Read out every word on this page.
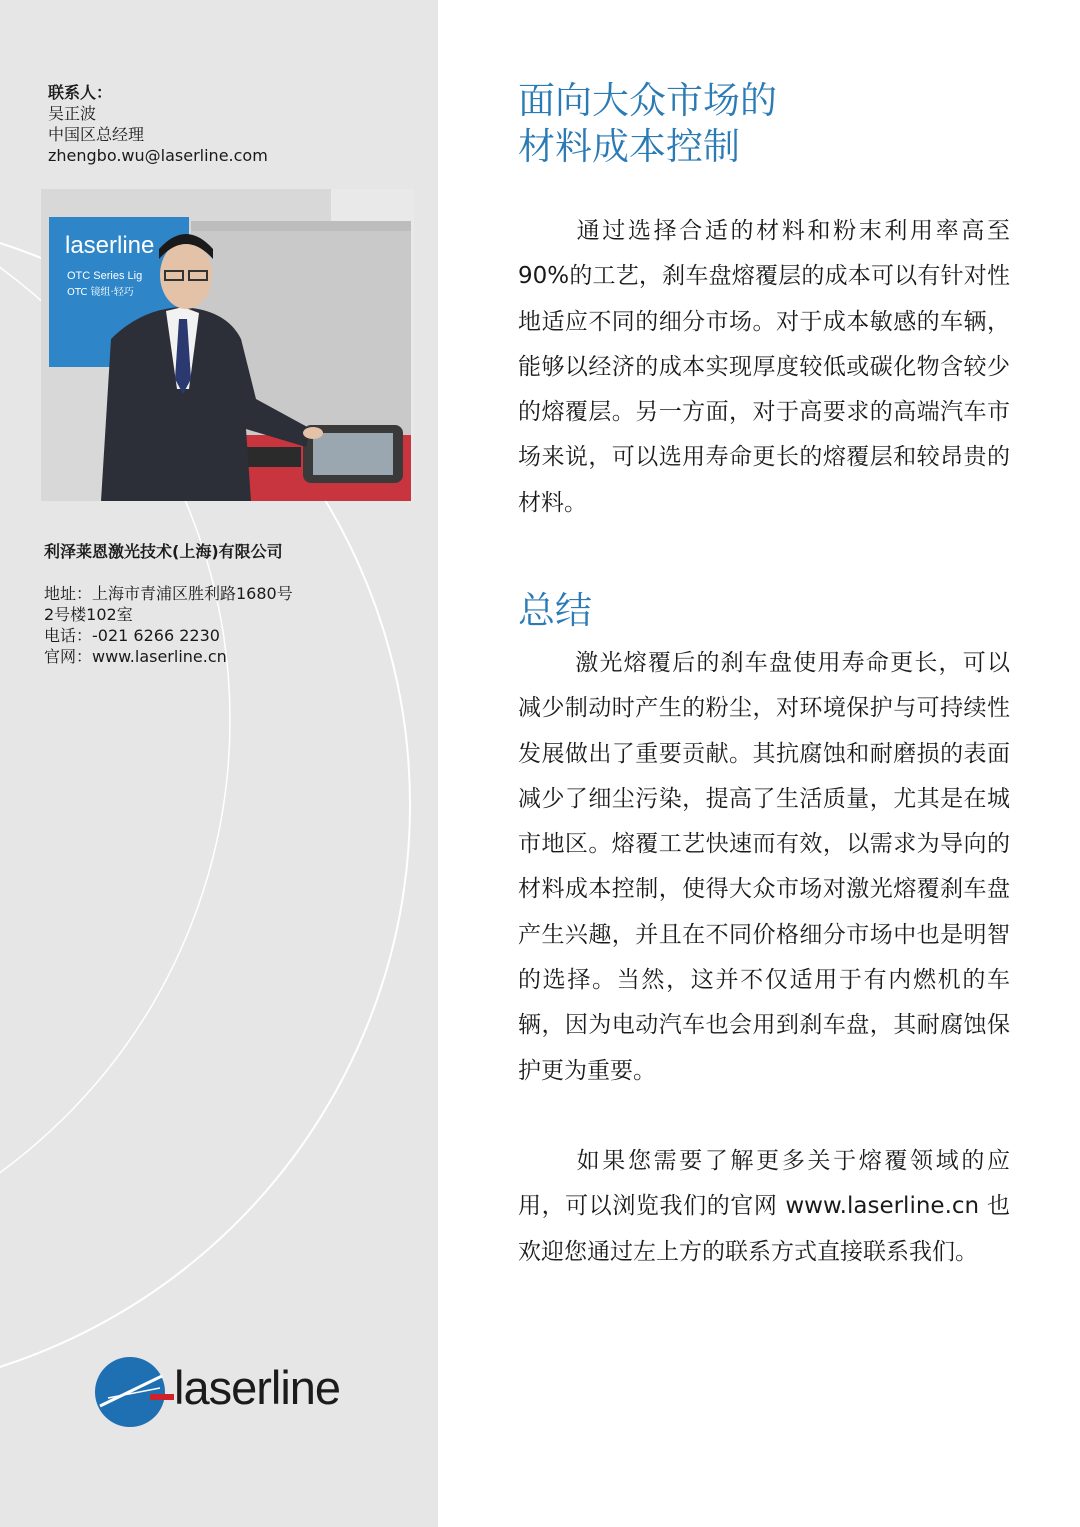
联系人：
吴正波
中国区总经理
zhengbo.wu@laserline.com
laserline
OTC Series Lig
OTC 镜组·轻巧
利泽莱恩激光技术(上海)有限公司
地址：上海市青浦区胜利路1680号
2号楼102室
电话：-021 6266 2230
官网：www.laserline.cn
laserline
面向大众市场的
材料成本控制

通过选择合适的材料和粉末利用率高至90%的工艺，刹车盘熔覆层的成本可以有针对性地适应不同的细分市场。对于成本敏感的车辆，能够以经济的成本实现厚度较低或碳化物含较少的熔覆层。另一方面，对于高要求的高端汽车市场来说，可以选用寿命更长的熔覆层和较昂贵的材料。

总结

激光熔覆后的刹车盘使用寿命更长，可以减少制动时产生的粉尘，对环境保护与可持续性发展做出了重要贡献。其抗腐蚀和耐磨损的表面减少了细尘污染，提高了生活质量，尤其是在城市地区。熔覆工艺快速而有效，以需求为导向的材料成本控制，使得大众市场对激光熔覆刹车盘产生兴趣，并且在不同价格细分市场中也是明智的选择。当然，这并不仅适用于有内燃机的车辆，因为电动汽车也会用到刹车盘，其耐腐蚀保护更为重要。

如果您需要了解更多关于熔覆领域的应用，可以浏览我们的官网 www.laserline.cn 也欢迎您通过左上方的联系方式直接联系我们。
